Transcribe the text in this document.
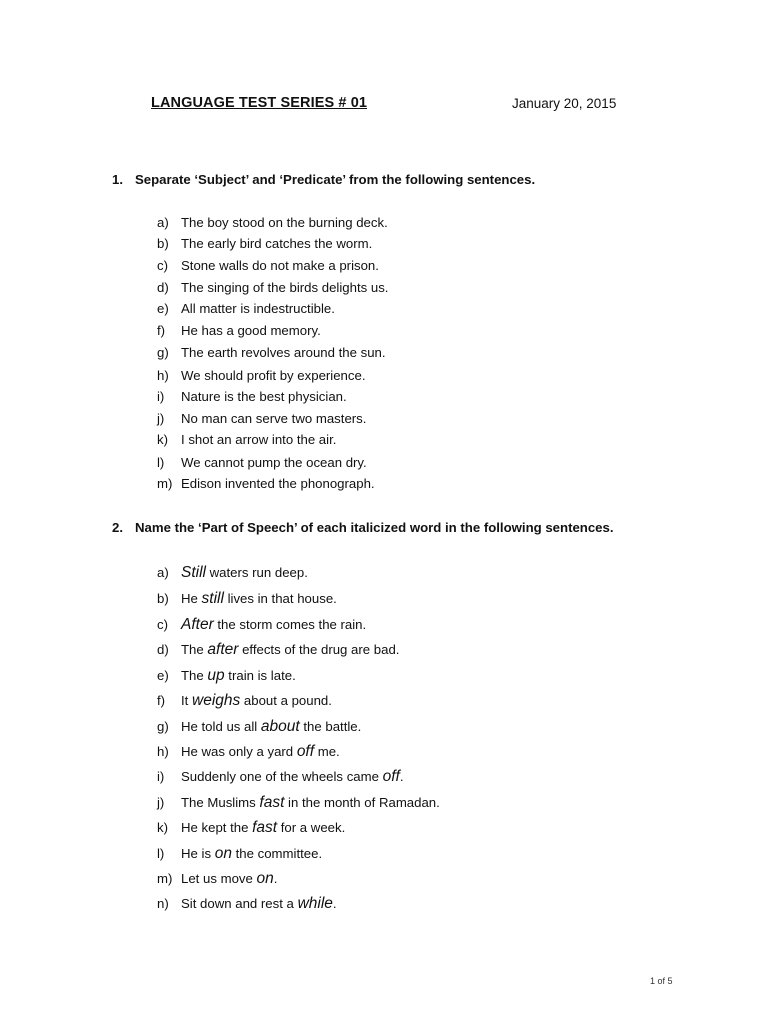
LANGUAGE TEST SERIES # 01	January 20, 2015
1. Separate ‘Subject’ and ‘Predicate’ from the following sentences.
a) The boy stood on the burning deck.
b) The early bird catches the worm.
c) Stone walls do not make a prison.
d) The singing of the birds delights us.
e) All matter is indestructible.
f) He has a good memory.
g) The earth revolves around the sun.
h) We should profit by experience.
i) Nature is the best physician.
j) No man can serve two masters.
k) I shot an arrow into the air.
l) We cannot pump the ocean dry.
m) Edison invented the phonograph.
2. Name the ‘Part of Speech’ of each italicized word in the following sentences.
a) Still waters run deep.
b) He still lives in that house.
c) After the storm comes the rain.
d) The after effects of the drug are bad.
e) The up train is late.
f) It weighs about a pound.
g) He told us all about the battle.
h) He was only a yard off me.
i) Suddenly one of the wheels came off.
j) The Muslims fast in the month of Ramadan.
k) He kept the fast for a week.
l) He is on the committee.
m) Let us move on.
n) Sit down and rest a while.
1 of 5
